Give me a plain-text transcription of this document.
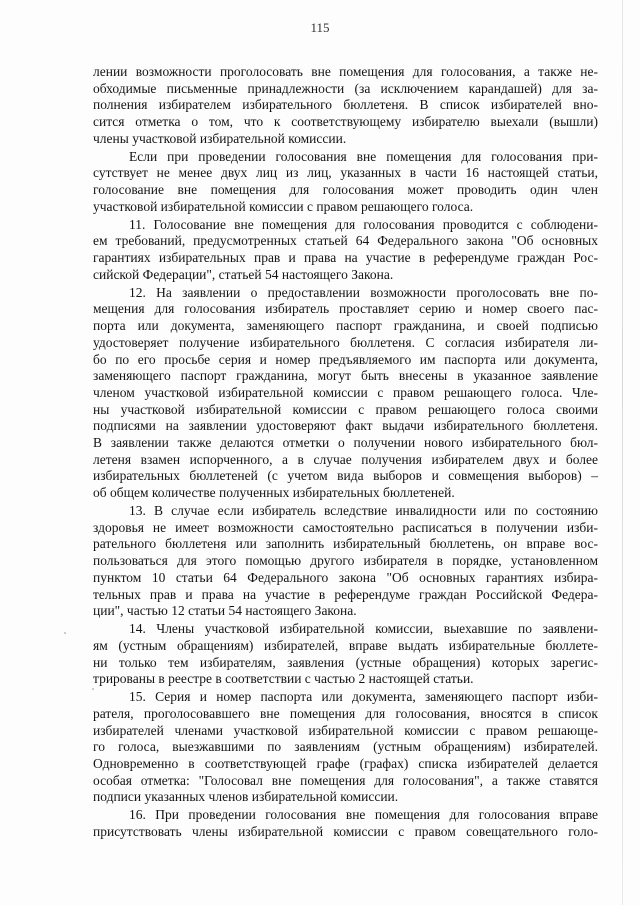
115
лении возможности проголосовать вне помещения для голосования, а также не-
обходимые письменные принадлежности (за исключением карандашей) для за-
полнения избирателем избирательного бюллетеня. В список избирателей вно-
сится отметка о том, что к соответствующему избирателю выехали (вышли)
члены участковой избирательной комиссии.
Если при проведении голосования вне помещения для голосования при-
сутствует не менее двух лиц из лиц, указанных в части 16 настоящей статьи,
голосование вне помещения для голосования может проводить один член
участковой избирательной комиссии с правом решающего голоса.
11. Голосование вне помещения для голосования проводится с соблюдени-
ем требований, предусмотренных статьей 64 Федерального закона "Об основных
гарантиях избирательных прав и права на участие в референдуме граждан Рос-
сийской Федерации", статьей 54 настоящего Закона.
12. На заявлении о предоставлении возможности проголосовать вне по-
мещения для голосования избиратель проставляет серию и номер своего пас-
порта или документа, заменяющего паспорт гражданина, и своей подписью
удостоверяет получение избирательного бюллетеня. С согласия избирателя ли-
бо по его просьбе серия и номер предъявляемого им паспорта или документа,
заменяющего паспорт гражданина, могут быть внесены в указанное заявление
членом участковой избирательной комиссии с правом решающего голоса. Чле-
ны участковой избирательной комиссии с правом решающего голоса своими
подписями на заявлении удостоверяют факт выдачи избирательного бюллетеня.
В заявлении также делаются отметки о получении нового избирательного бюл-
летеня взамен испорченного, а в случае получения избирателем двух и более
избирательных бюллетеней (с учетом вида выборов и совмещения выборов) –
об общем количестве полученных избирательных бюллетеней.
13. В случае если избиратель вследствие инвалидности или по состоянию
здоровья не имеет возможности самостоятельно расписаться в получении изби-
рательного бюллетеня или заполнить избирательный бюллетень, он вправе вос-
пользоваться для этого помощью другого избирателя в порядке, установленном
пунктом 10 статьи 64 Федерального закона "Об основных гарантиях избира-
тельных прав и права на участие в референдуме граждан Российской Федера-
ции", частью 12 статьи 54 настоящего Закона.
14. Члены участковой избирательной комиссии, выехавшие по заявлени-
ям (устным обращениям) избирателей, вправе выдать избирательные бюллете-
ни только тем избирателям, заявления (устные обращения) которых зарегис-
трированы в реестре в соответствии с частью 2 настоящей статьи.
15. Серия и номер паспорта или документа, заменяющего паспорт изби-
рателя, проголосовавшего вне помещения для голосования, вносятся в список
избирателей членами участковой избирательной комиссии с правом решающе-
го голоса, выезжавшими по заявлениям (устным обращениям) избирателей.
Одновременно в соответствующей графе (графах) списка избирателей делается
особая отметка: "Голосовал вне помещения для голосования", а также ставятся
подписи указанных членов избирательной комиссии.
16. При проведении голосования вне помещения для голосования вправе
присутствовать члены избирательной комиссии с правом совещательного голо-
